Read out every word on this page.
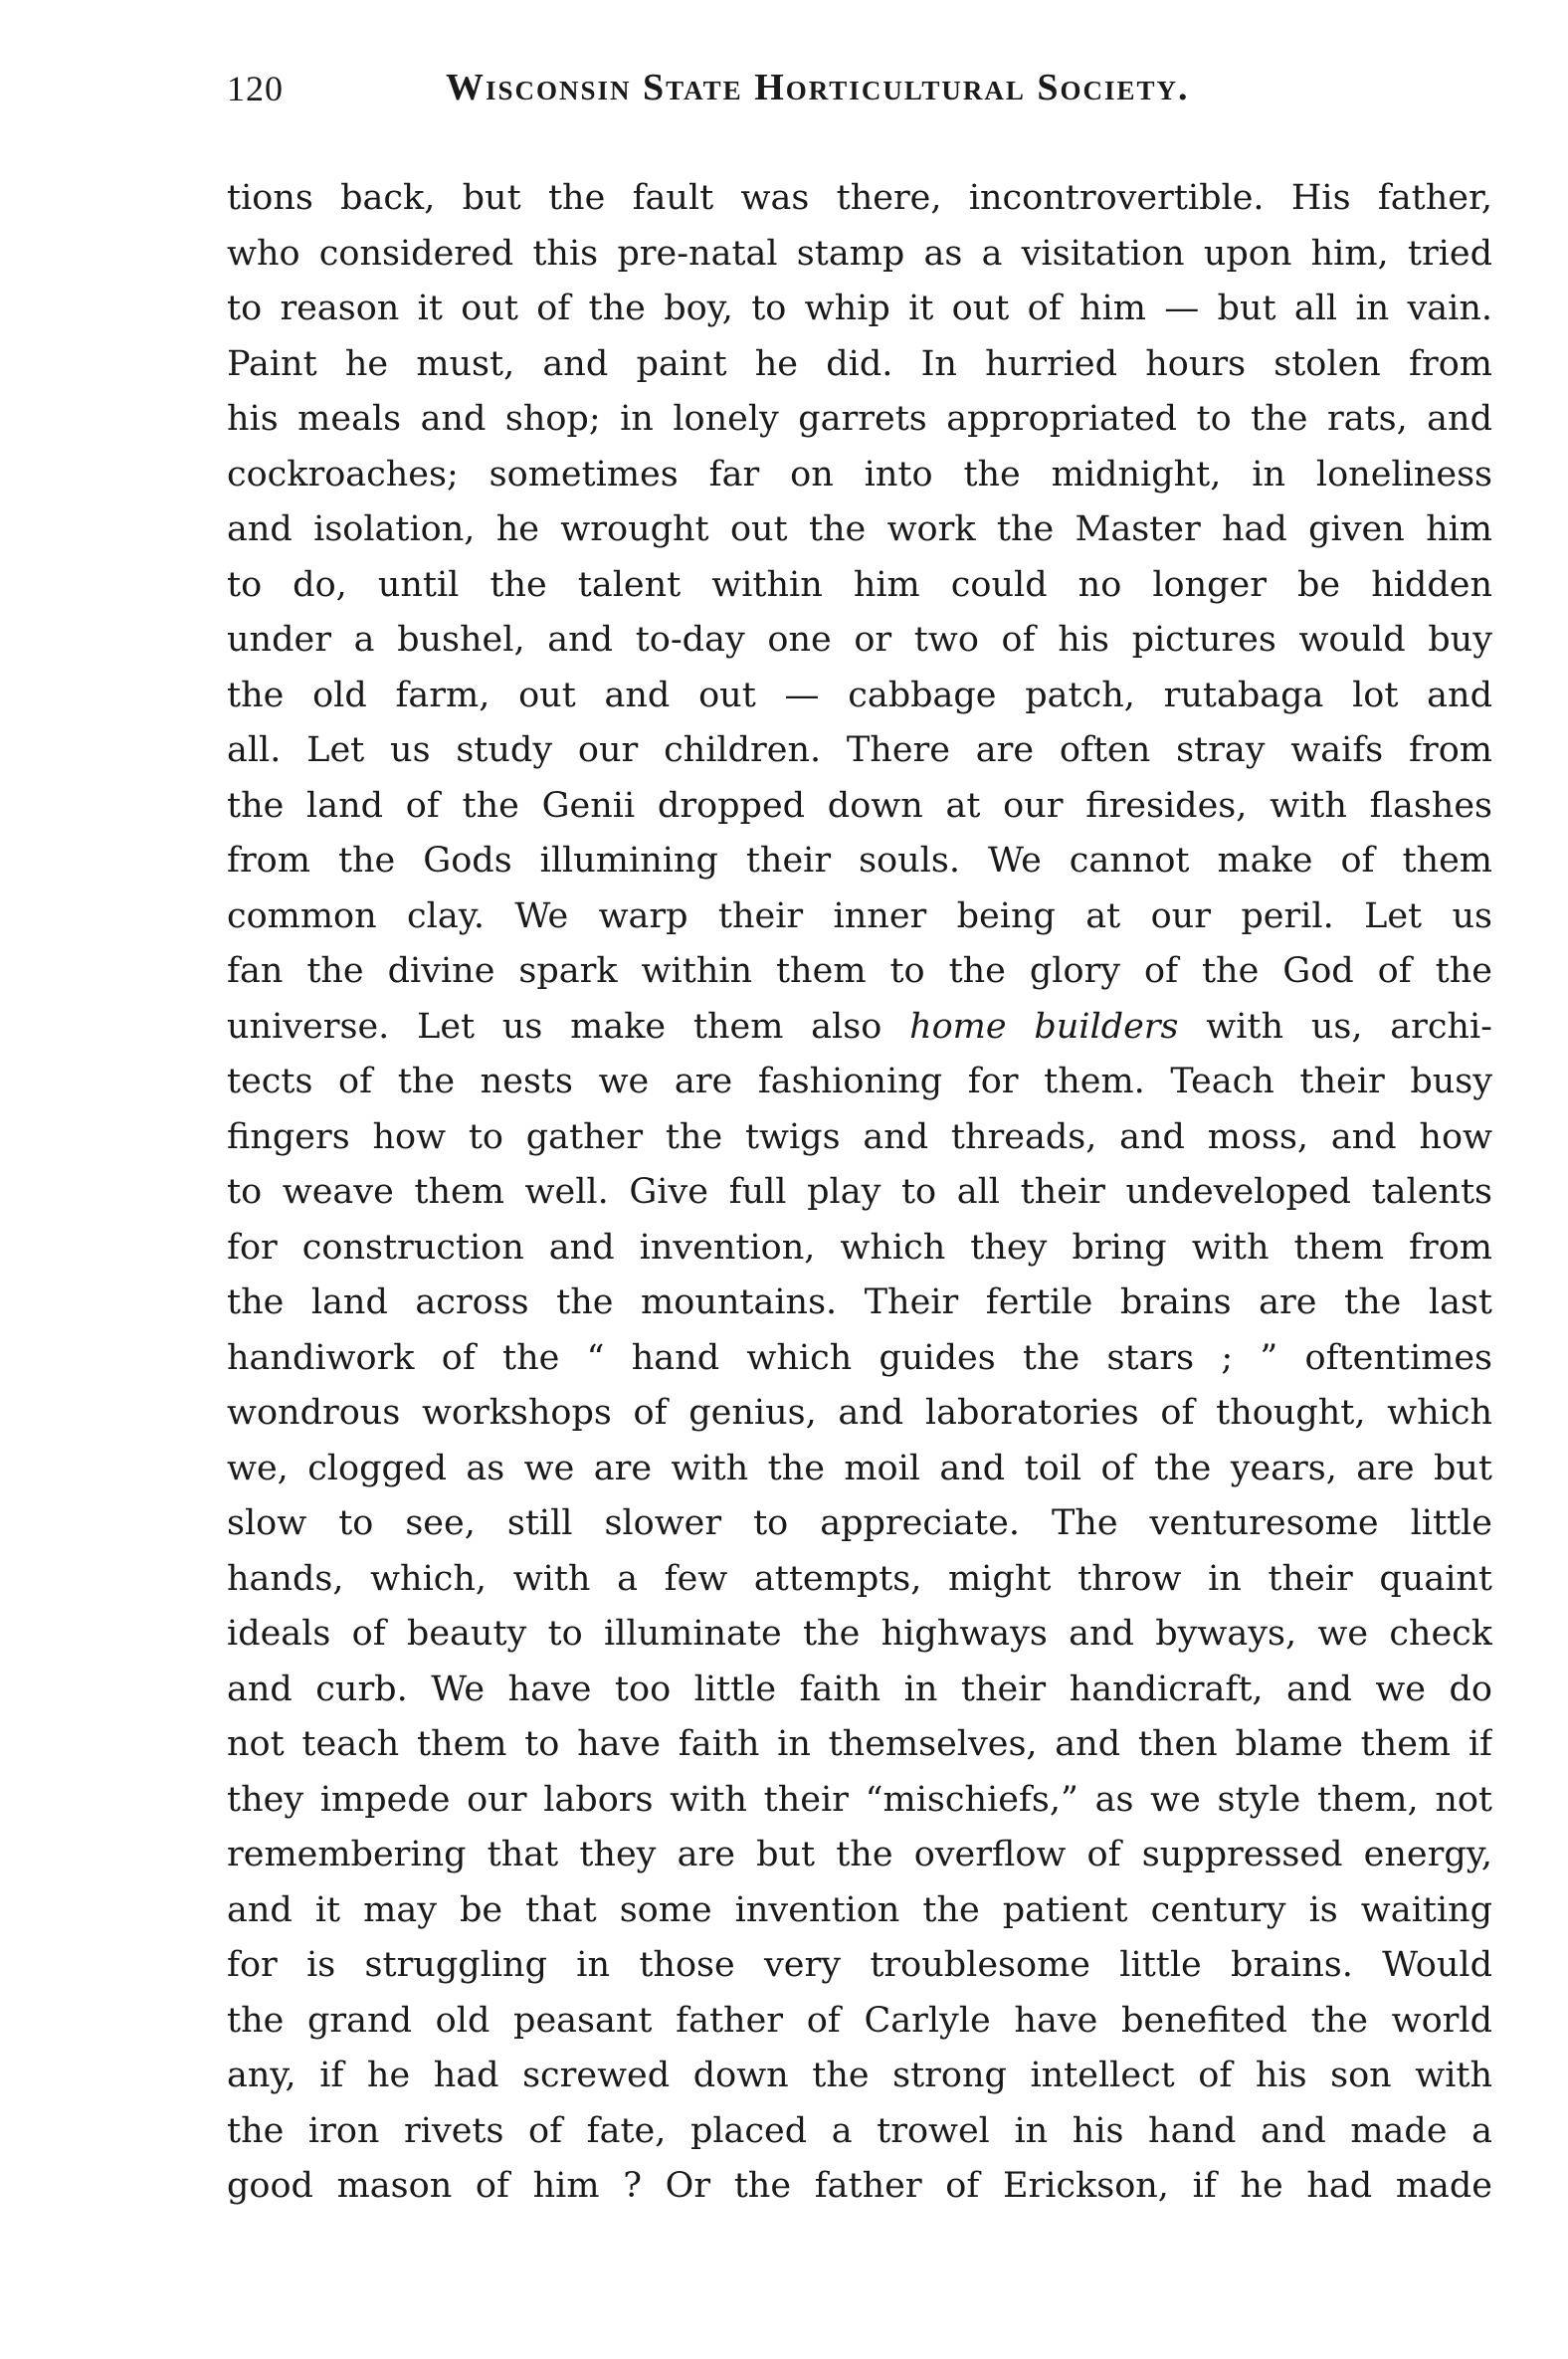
120	Wisconsin State Horticultural Society.
tions back, but the fault was there, incontrovertible. His father,
who considered this pre-natal stamp as a visitation upon him, tried
to reason it out of the boy, to whip it out of him — but all in vain.
Paint he must, and paint he did. In hurried hours stolen from
his meals and shop; in lonely garrets appropriated to the rats, and
cockroaches; sometimes far on into the midnight, in loneliness
and isolation, he wrought out the work the Master had given him
to do, until the talent within him could no longer be hidden
under a bushel, and to-day one or two of his pictures would buy
the old farm, out and out — cabbage patch, rutabaga lot and
all. Let us study our children. There are often stray waifs from
the land of the Genii dropped down at our firesides, with flashes
from the Gods illumining their souls. We cannot make of them
common clay. We warp their inner being at our peril. Let us
fan the divine spark within them to the glory of the God of the
universe. Let us make them also home builders with us, archi-
tects of the nests we are fashioning for them. Teach their busy
fingers how to gather the twigs and threads, and moss, and how
to weave them well. Give full play to all their undeveloped talents
for construction and invention, which they bring with them from
the land across the mountains. Their fertile brains are the last
handiwork of the “ hand which guides the stars ; ” oftentimes
wondrous workshops of genius, and laboratories of thought, which
we, clogged as we are with the moil and toil of the years, are but
slow to see, still slower to appreciate. The venturesome little
hands, which, with a few attempts, might throw in their quaint
ideals of beauty to illuminate the highways and byways, we check
and curb. We have too little faith in their handicraft, and we do
not teach them to have faith in themselves, and then blame them if
they impede our labors with their “mischiefs,” as we style them, not
remembering that they are but the overflow of suppressed energy,
and it may be that some invention the patient century is waiting
for is struggling in those very troublesome little brains. Would
the grand old peasant father of Carlyle have benefited the world
any, if he had screwed down the strong intellect of his son with
the iron rivets of fate, placed a trowel in his hand and made a
good mason of him ? Or the father of Erickson, if he had made
